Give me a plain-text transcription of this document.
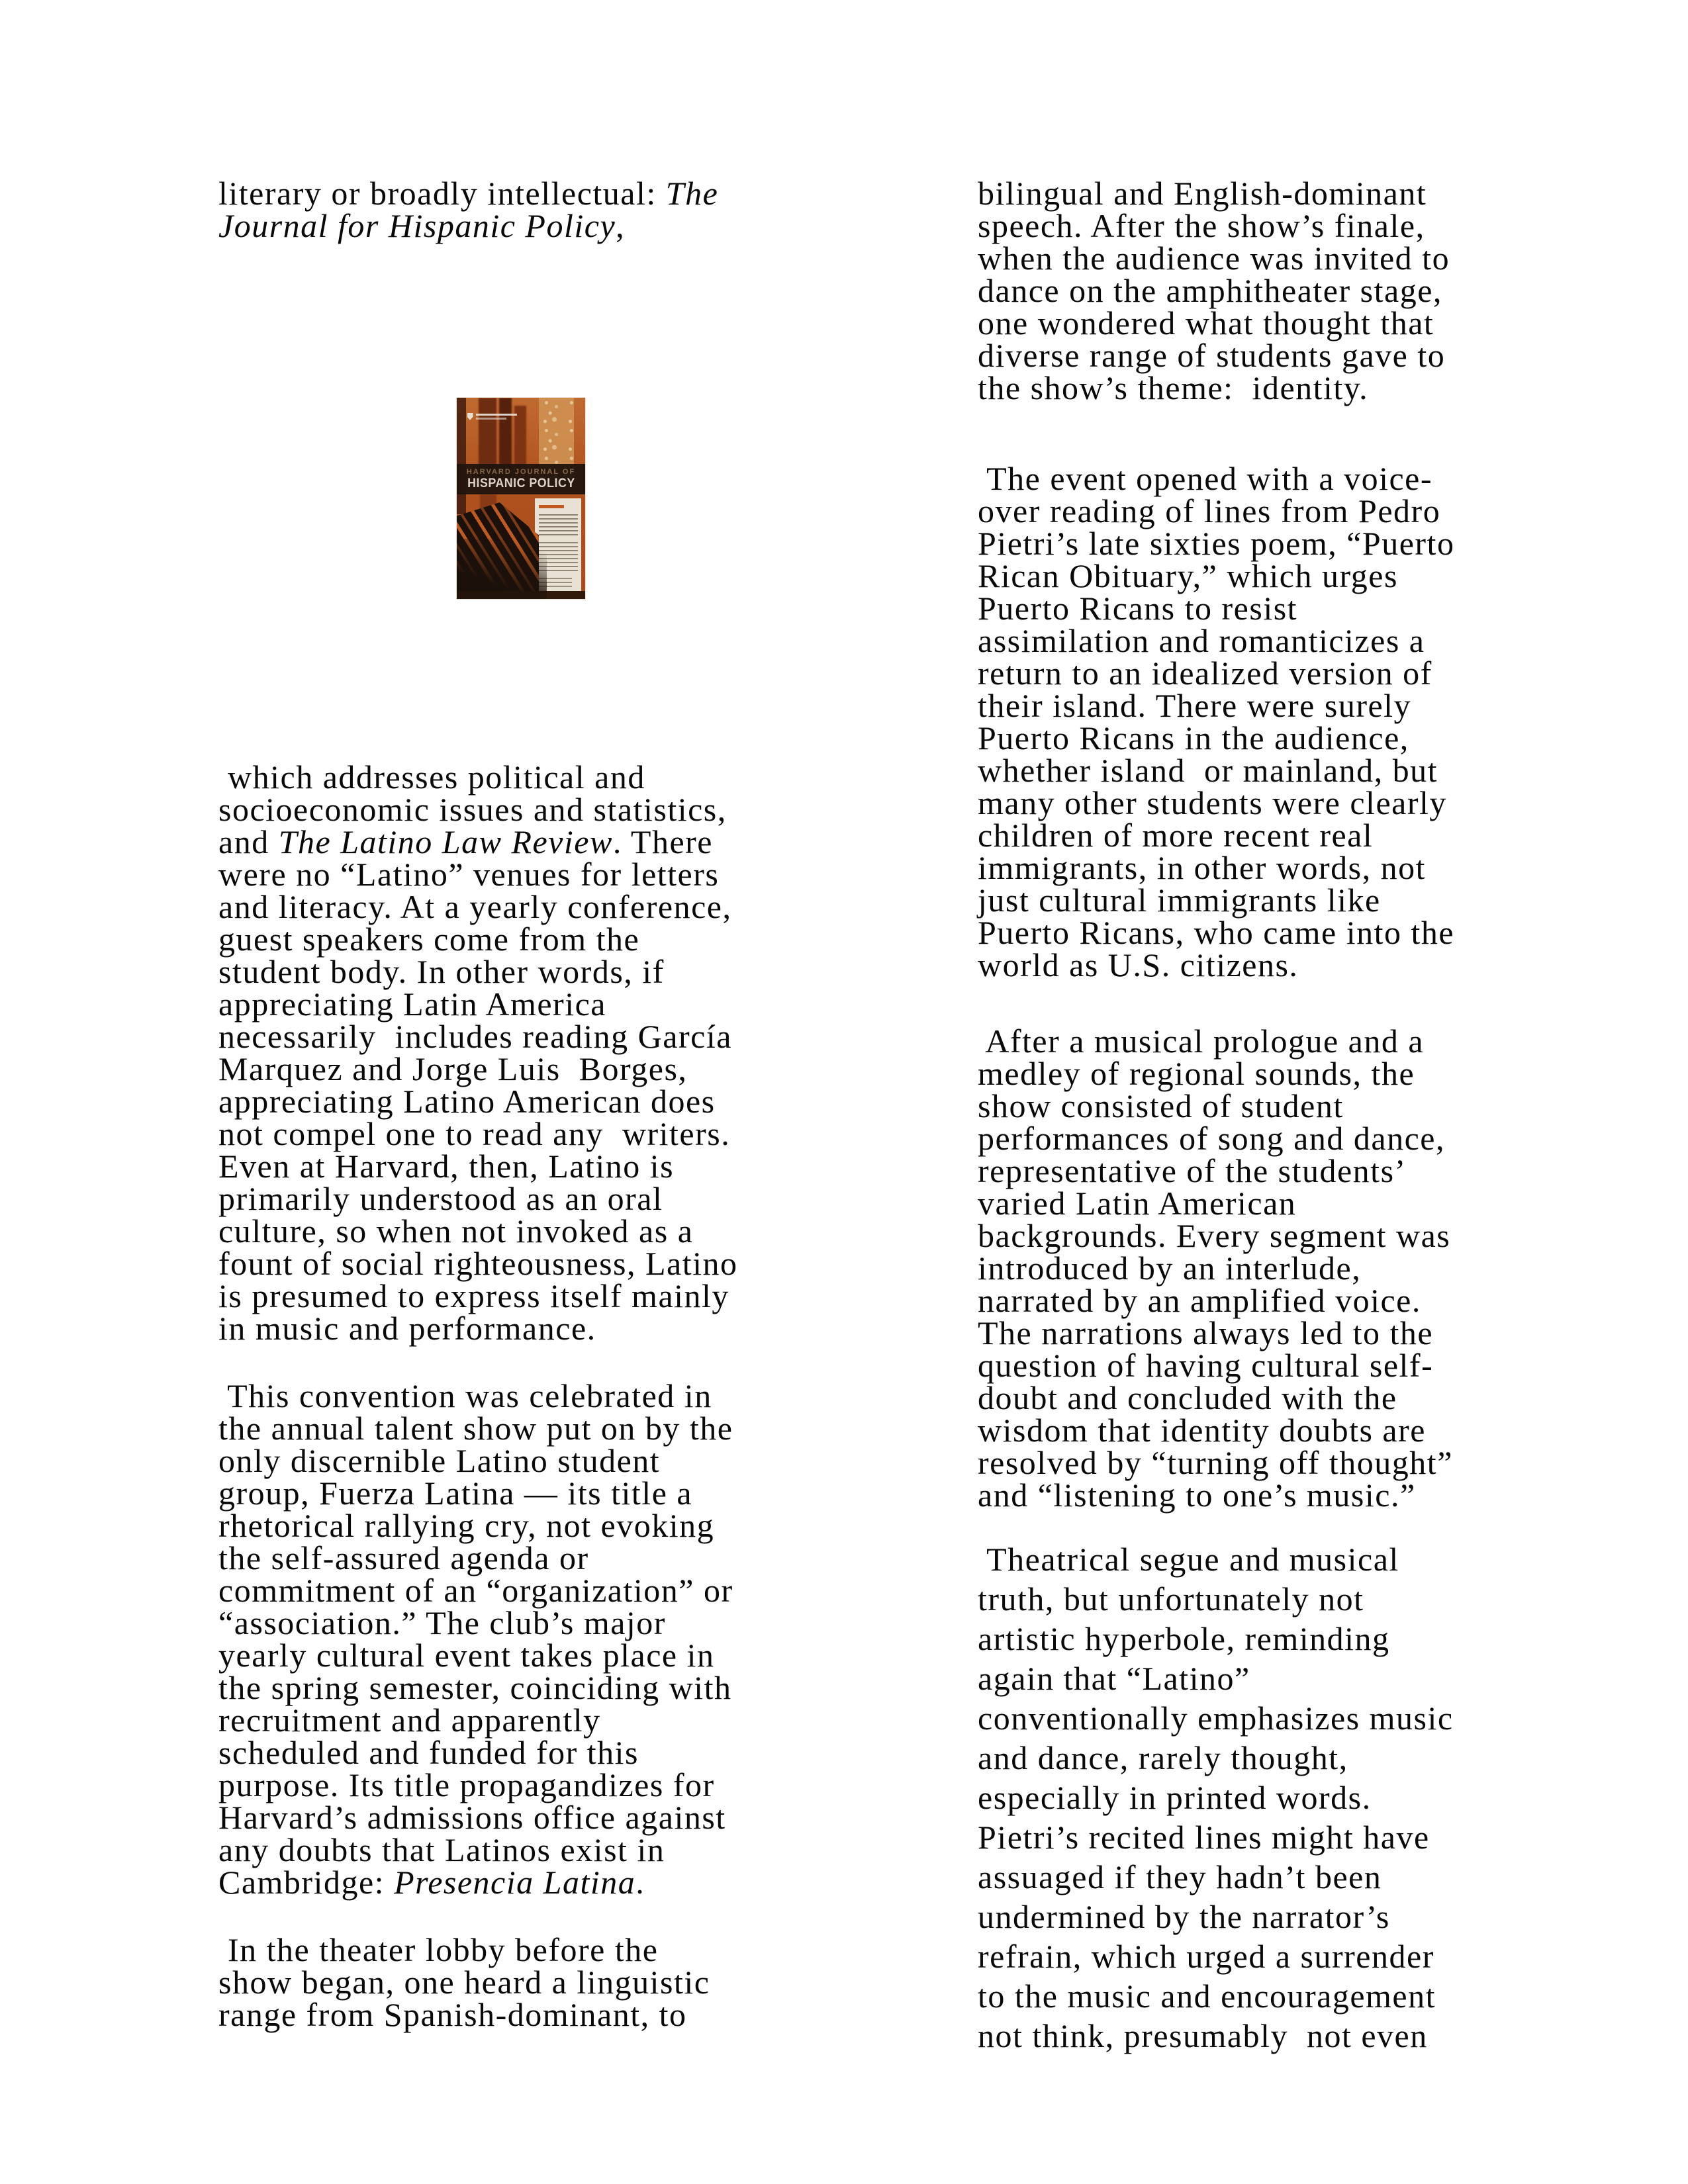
literary or broadly intellectual: The
Journal for Hispanic Policy,
HARVARD JOURNAL OF
HISPANIC POLICY
which addresses political and
socioeconomic issues and statistics,
and The Latino Law Review. There
were no “Latino” venues for letters
and literacy. At a yearly conference,
guest speakers come from the
student body. In other words, if
appreciating Latin America
necessarily  includes reading García
Marquez and Jorge Luis  Borges,
appreciating Latino American does
not compel one to read any  writers.
Even at Harvard, then, Latino is
primarily understood as an oral
culture, so when not invoked as a
fount of social righteousness, Latino
is presumed to express itself mainly
in music and performance.
This convention was celebrated in
the annual talent show put on by the
only discernible Latino student
group, Fuerza Latina — its title a
rhetorical rallying cry, not evoking
the self-assured agenda or
commitment of an “organization” or
“association.” The club’s major
yearly cultural event takes place in
the spring semester, coinciding with
recruitment and apparently
scheduled and funded for this
purpose. Its title propagandizes for
Harvard’s admissions office against
any doubts that Latinos exist in
Cambridge: Presencia Latina.
In the theater lobby before the
show began, one heard a linguistic
range from Spanish-dominant, to
bilingual and English-dominant
speech. After the show’s finale,
when the audience was invited to
dance on the amphitheater stage,
one wondered what thought that
diverse range of students gave to
the show’s theme:  identity.
The event opened with a voice-
over reading of lines from Pedro
Pietri’s late sixties poem, “Puerto
Rican Obituary,” which urges
Puerto Ricans to resist
assimilation and romanticizes a
return to an idealized version of
their island. There were surely
Puerto Ricans in the audience,
whether island  or mainland, but
many other students were clearly
children of more recent real
immigrants, in other words, not
just cultural immigrants like
Puerto Ricans, who came into the
world as U.S. citizens.
After a musical prologue and a
medley of regional sounds, the
show consisted of student
performances of song and dance,
representative of the students’
varied Latin American
backgrounds. Every segment was
introduced by an interlude,
narrated by an amplified voice.
The narrations always led to the
question of having cultural self-
doubt and concluded with the
wisdom that identity doubts are
resolved by “turning off thought”
and “listening to one’s music.”
Theatrical segue and musical
truth, but unfortunately not
artistic hyperbole, reminding
again that “Latino”
conventionally emphasizes music
and dance, rarely thought,
especially in printed words.
Pietri’s recited lines might have
assuaged if they hadn’t been
undermined by the narrator’s
refrain, which urged a surrender
to the music and encouragement
not think, presumably  not even
